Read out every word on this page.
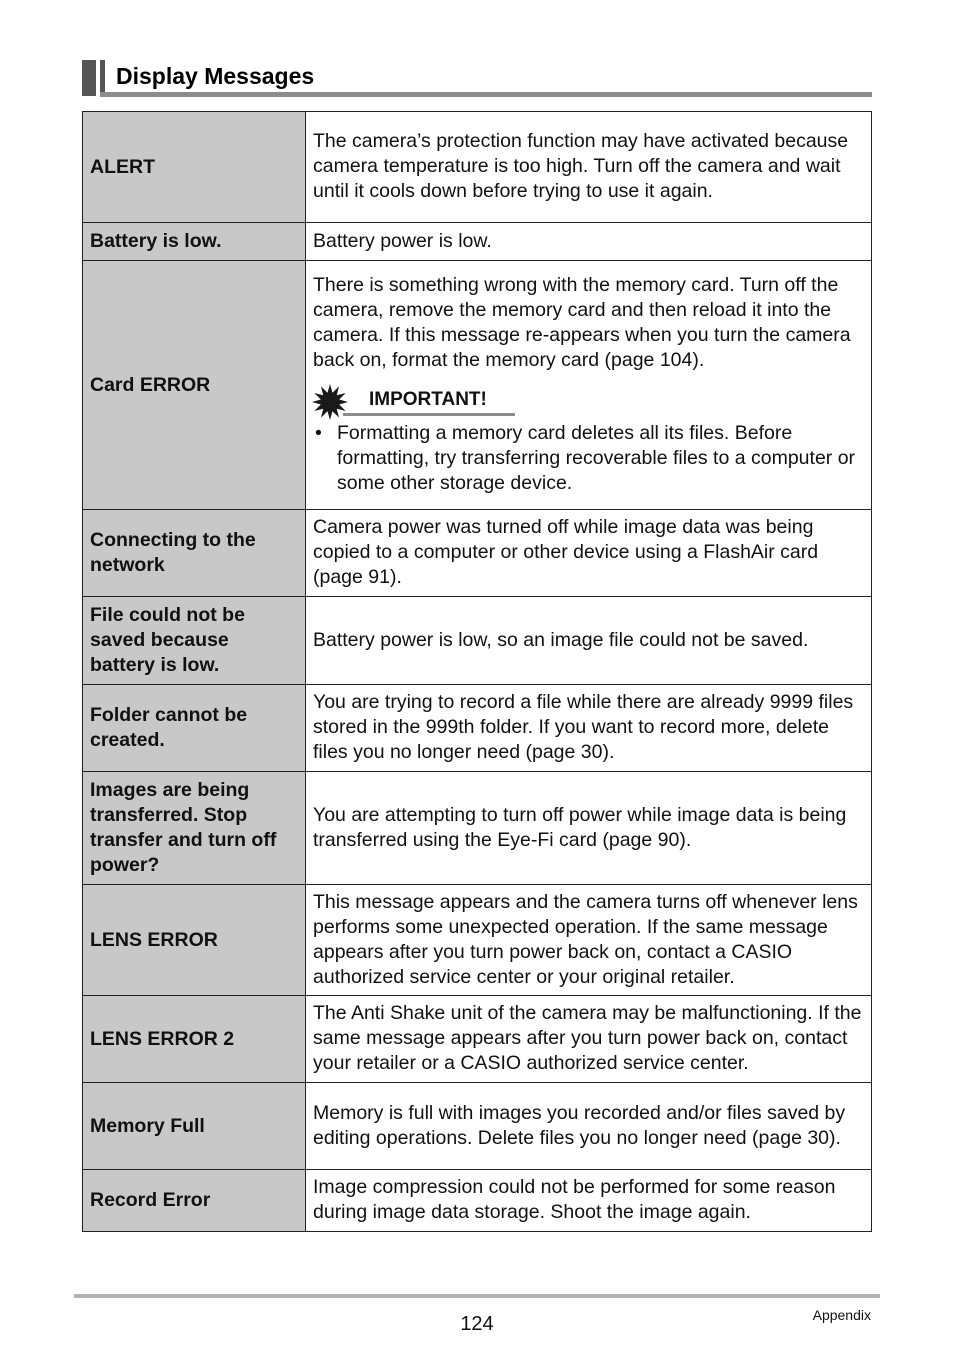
Display Messages
ALERT	The camera’s protection function may have activated because camera temperature is too high. Turn off the camera and wait until it cools down before trying to use it again.
Battery is low.	Battery power is low.
Card ERROR	There is something wrong with the memory card. Turn off the camera, remove the memory card and then reload it into the camera. If this message re-appears when you turn the camera back on, format the memory card (page 104).
IMPORTANT!
• Formatting a memory card deletes all its files. Before formatting, try transferring recoverable files to a computer or some other storage device.

Connecting to the network	Camera power was turned off while image data was being copied to a computer or other device using a FlashAir card (page 91).
File could not be saved because battery is low.	Battery power is low, so an image file could not be saved.
Folder cannot be created.	You are trying to record a file while there are already 9999 files stored in the 999th folder. If you want to record more, delete files you no longer need (page 30).
Images are being transferred. Stop transfer and turn off power?	You are attempting to turn off power while image data is being transferred using the Eye-Fi card (page 90).
LENS ERROR	This message appears and the camera turns off whenever lens performs some unexpected operation. If the same message appears after you turn power back on, contact a CASIO authorized service center or your original retailer.
LENS ERROR 2	The Anti Shake unit of the camera may be malfunctioning. If the same message appears after you turn power back on, contact your retailer or a CASIO authorized service center.
Memory Full	Memory is full with images you recorded and/or files saved by editing operations. Delete files you no longer need (page 30).
Record Error	Image compression could not be performed for some reason during image data storage. Shoot the image again.
124	Appendix
